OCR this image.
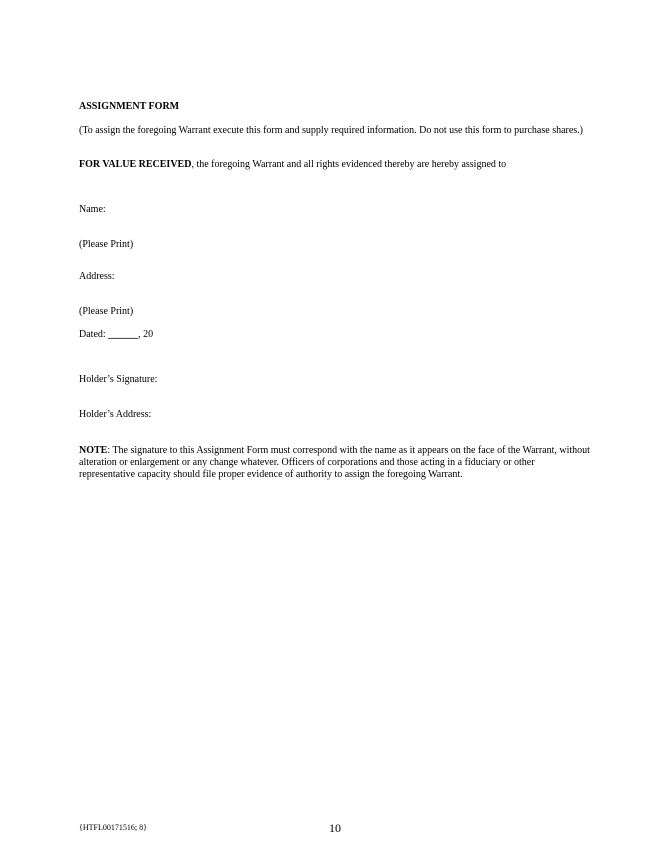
ASSIGNMENT FORM

(To assign the foregoing Warrant execute this form and supply required information. Do not use this form to purchase shares.)

FOR VALUE RECEIVED, the foregoing Warrant and all rights evidenced thereby are hereby assigned to

Name:

(Please Print)

Address:

(Please Print)

Dated: ______, 20

Holder’s Signature:

Holder’s Address:

NOTE: The signature to this Assignment Form must correspond with the name as it appears on the face of the Warrant, without alteration or enlargement or any change whatever. Officers of corporations and those acting in a fiduciary or other representative capacity should file proper evidence of authority to assign the foregoing Warrant.

{HTFL00171516; 8}	10
